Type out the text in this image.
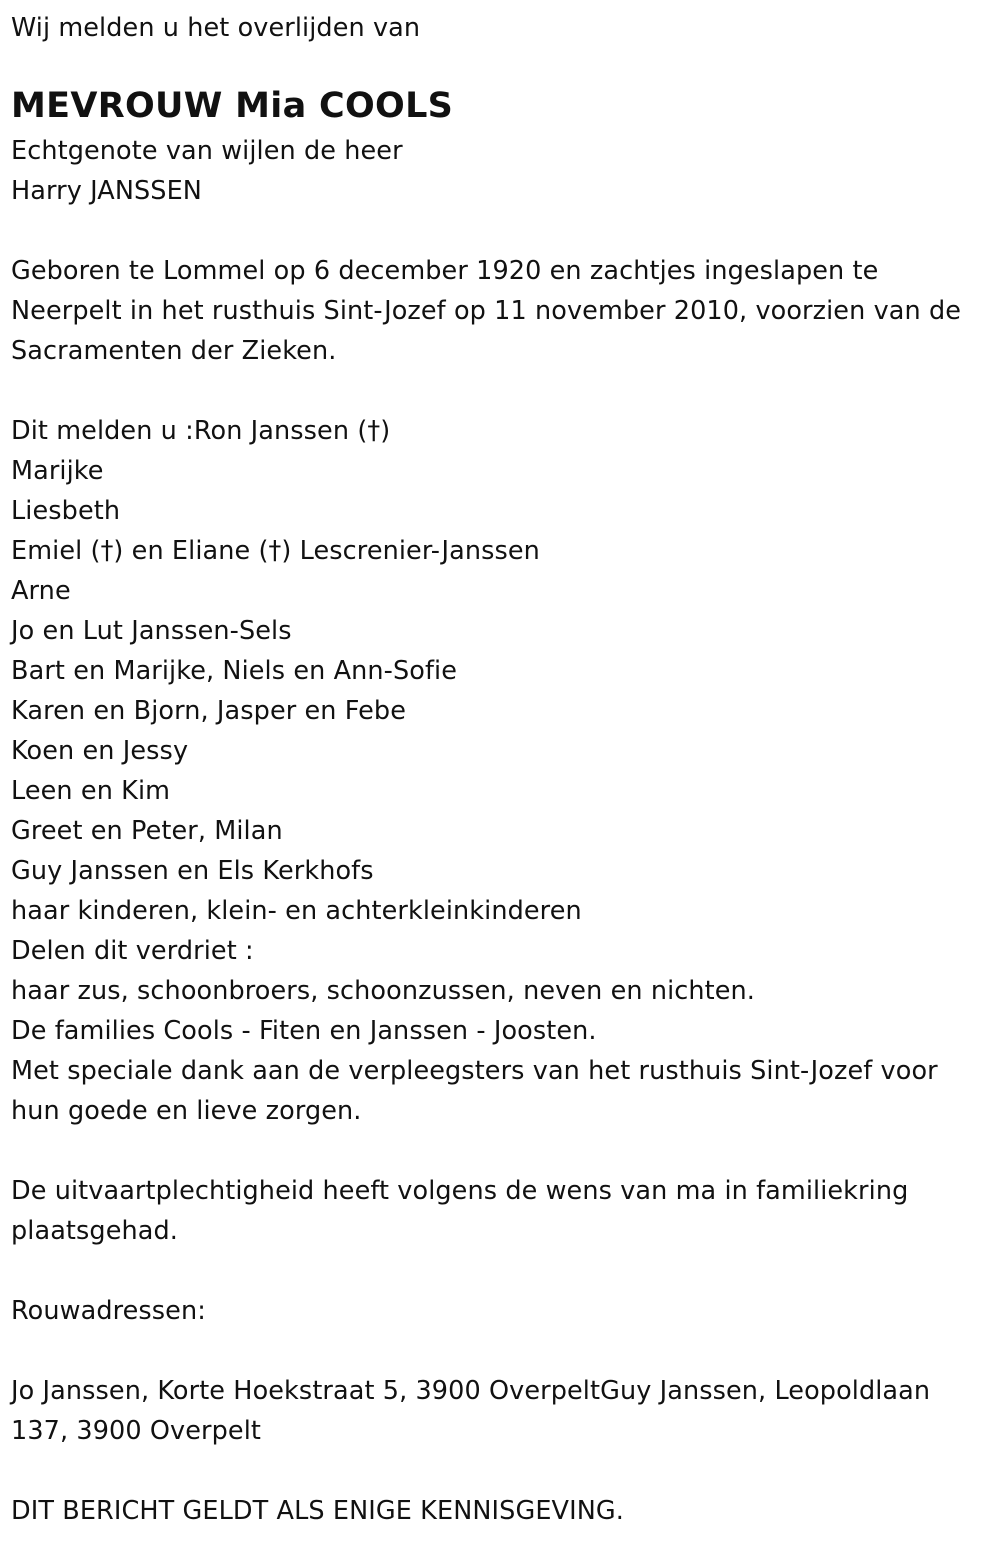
Wij melden u het overlijden van
MEVROUW Mia COOLS
Echtgenote van wijlen de heer
Harry JANSSEN
Geboren te Lommel op 6 december 1920 en zachtjes ingeslapen te
Neerpelt in het rusthuis Sint-Jozef op 11 november 2010, voorzien van de
Sacramenten der Zieken.
Dit melden u :Ron Janssen (†)
Marijke
Liesbeth
Emiel (†) en Eliane (†) Lescrenier-Janssen
Arne
Jo en Lut Janssen-Sels
Bart en Marijke, Niels en Ann-Sofie
Karen en Bjorn, Jasper en Febe
Koen en Jessy
Leen en Kim
Greet en Peter, Milan
Guy Janssen en Els Kerkhofs
haar kinderen, klein- en achterkleinkinderen
Delen dit verdriet :
haar zus, schoonbroers, schoonzussen, neven en nichten.
De families Cools - Fiten en Janssen - Joosten.
Met speciale dank aan de verpleegsters van het rusthuis Sint-Jozef voor
hun goede en lieve zorgen.
De uitvaartplechtigheid heeft volgens de wens van ma in familiekring
plaatsgehad.
Rouwadressen:
Jo Janssen, Korte Hoekstraat 5, 3900 OverpeltGuy Janssen, Leopoldlaan
137, 3900 Overpelt
DIT BERICHT GELDT ALS ENIGE KENNISGEVING.
